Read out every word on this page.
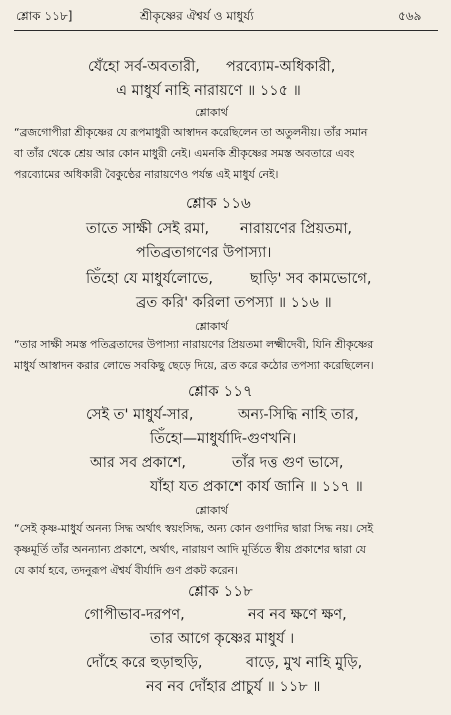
শ্লোক ১১৮]	শ্রীকৃষ্ণের ঐশ্বর্য ও মাধুর্য্য	৫৬৯
যেঁহো সর্ব-অবতারী, পরব্যোম-অধিকারী,
এ মাধুর্য নাহি নারায়ণে ॥ ১১৫ ॥
শ্লোকার্থ
“ব্রজগোপীরা শ্রীকৃষ্ণের যে রূপমাধুরী আস্বাদন করেছিলেন তা অতুলনীয়। তাঁর সমান
বা তাঁর থেকে শ্রেয় আর কোন মাধুরী নেই। এমনকি শ্রীকৃষ্ণের সমস্ত অবতারে এবং
পরব্যোমের অধিকারী বৈকুণ্ঠের নারায়ণেও পর্যন্ত এই মাধুর্য নেই।
শ্লোক ১১৬
তাতে সাক্ষী সেই রমা, নারায়ণের প্রিয়তমা,
পতিব্রতাগণের উপাস্যা।
তিঁহো যে মাধুর্যলোভে,	ছাড়ি' সব কামভোগে,
ব্রত করি' করিলা তপস্যা ॥ ১১৬ ॥
শ্লোকার্থ
“তার সাক্ষী সমস্ত পতিব্রতাদের উপাস্যা নারায়ণের প্রিয়তমা লক্ষ্মীদেবী, যিনি শ্রীকৃষ্ণের
মাধুর্য আস্বাদন করার লোভে সবকিছু ছেড়ে দিয়ে, ব্রত করে কঠোর তপস্যা করেছিলেন।
শ্লোক ১১৭
সেই ত' মাধুর্য-সার,	অন্য-সিদ্ধি নাহি তার,
তিঁহো—মাধুর্যাদি-গুণখনি।
আর সব প্রকাশে,	তাঁর দত্ত গুণ ভাসে,
যাঁহা যত প্রকাশে কার্য জানি ॥ ১১৭ ॥
শ্লোকার্থ
“সেই কৃষ্ণ-মাধুর্য অনন্য সিদ্ধ অর্থাৎ স্বয়ংসিদ্ধ, অন্য কোন গুণাদির দ্বারা সিদ্ধ নয়। সেই
কৃষ্ণমূর্তি তাঁর অনন্যান্য প্রকাশে, অর্থাৎ, নারায়ণ আদি মূর্তিতে স্বীয় প্রকাশের দ্বারা যে
যে কার্য হবে, তদনুরূপ ঐশ্বর্য বীর্যাদি গুণ প্রকট করেন।
শ্লোক ১১৮
গোপীভাব-দরপণ,	নব নব ক্ষণে ক্ষণ,
তার আগে কৃষ্ণের মাধুর্য ।
দোঁহে করে হুড়াহুড়ি,	বাড়ে, মুখ নাহি মুড়ি,
নব নব দোঁহার প্রাচুর্য ॥ ১১৮ ॥
